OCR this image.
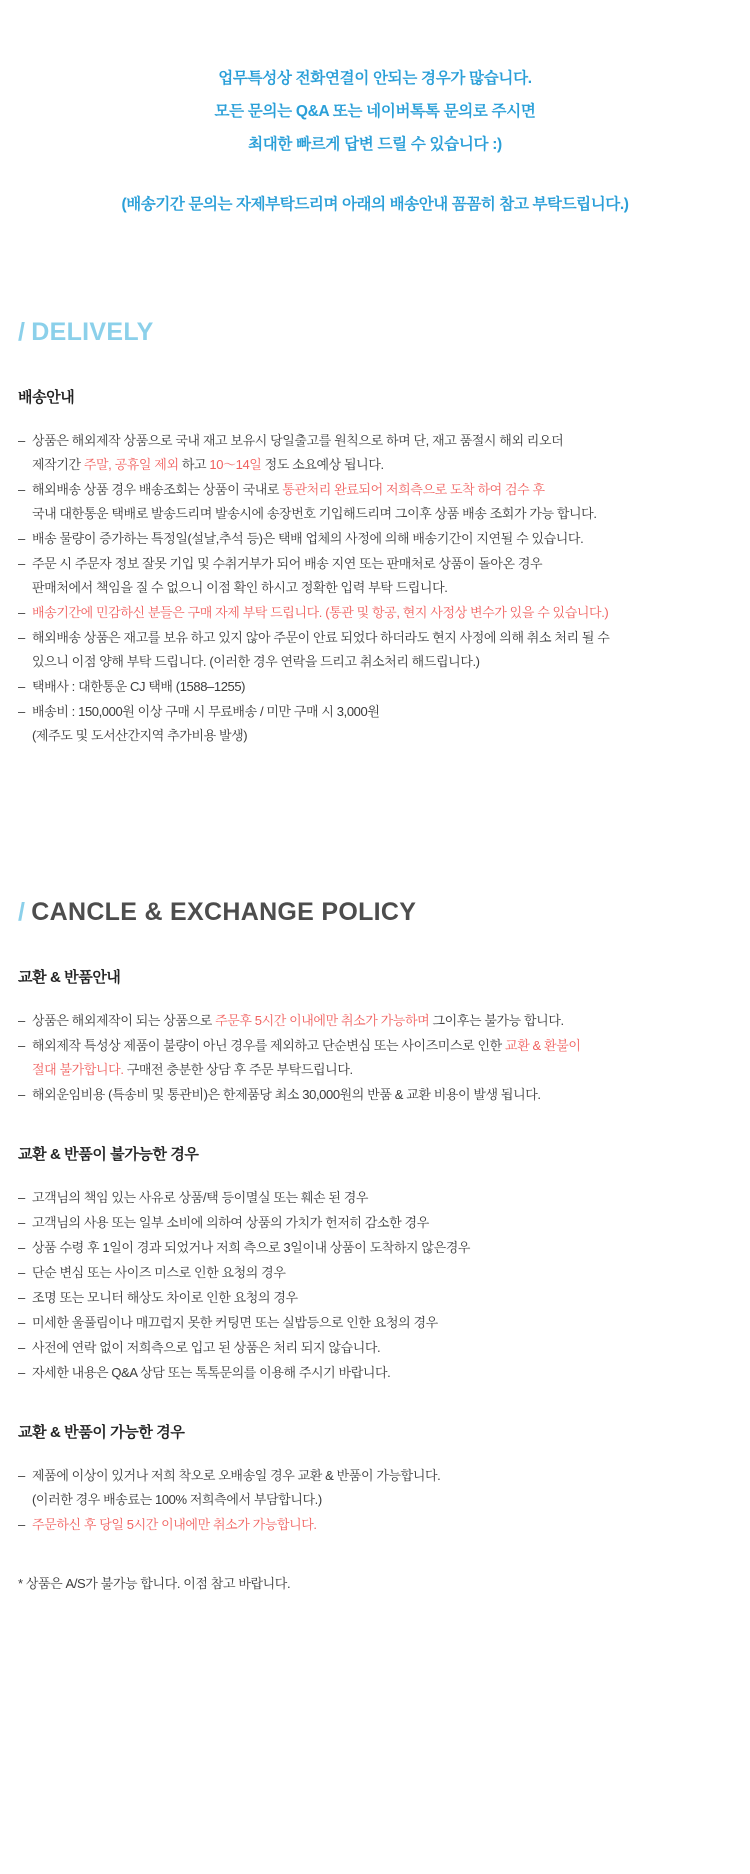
업무특성상 전화연결이 안되는 경우가 많습니다.
모든 문의는 Q&A 또는 네이버톡톡 문의로 주시면
최대한 빠르게 답변 드릴 수 있습니다 :)
(배송기간 문의는 자제부탁드리며 아래의 배송안내 꼼꼼히 참고 부탁드립니다.)
/ DELIVELY
배송안내
– 상품은 해외제작 상품으로 국내 재고 보유시 당일출고를 원칙으로 하며 단, 재고 품절시 해외 리오더
제작기간 주말, 공휴일 제외 하고 10〜14일 정도 소요예상 됩니다.
– 해외배송 상품 경우 배송조회는 상품이 국내로 통관처리 완료되어 저희측으로 도착 하여 검수 후
국내 대한통운 택배로 발송드리며 발송시에 송장번호 기입해드리며 그이후 상품 배송 조회가 가능 합니다.
– 배송 물량이 증가하는 특정일(설날,추석 등)은 택배 업체의 사정에 의해 배송기간이 지연될 수 있습니다.
– 주문 시 주문자 정보 잘못 기입 및 수취거부가 되어 배송 지연 또는 판매처로 상품이 돌아온 경우
판매처에서 책임을 질 수 없으니 이점 확인 하시고 정확한 입력 부탁 드립니다.
– 배송기간에 민감하신 분들은 구매 자제 부탁 드립니다. (통관 및 항공, 현지 사정상 변수가 있을 수 있습니다.)
– 해외배송 상품은 재고를 보유 하고 있지 않아 주문이 안료 되었다 하더라도 현지 사정에 의해 취소 처리 될 수
있으니 이점 양해 부탁 드립니다. (이러한 경우 연락을 드리고 취소처리 해드립니다.)
– 택배사 : 대한통운 CJ 택배 (1588–1255)
– 배송비 : 150,000원 이상 구매 시 무료배송 / 미만 구매 시 3,000원
(제주도 및 도서산간지역 추가비용 발생)
/ CANCLE & EXCHANGE POLICY
교환 & 반품안내
– 상품은 해외제작이 되는 상품으로 주문후 5시간 이내에만 취소가 가능하며 그이후는 불가능 합니다.
– 해외제작 특성상 제품이 불량이 아닌 경우를 제외하고 단순변심 또는 사이즈미스로 인한 교환 & 환불이
절대 불가합니다. 구매전 충분한 상담 후 주문 부탁드립니다.
– 해외운임비용 (특송비 및 통관비)은 한제품당 최소 30,000원의 반품 & 교환 비용이 발생 됩니다.
교환 & 반품이 불가능한 경우
– 고객님의 책임 있는 사유로 상품/택 등이멸실 또는 훼손 된 경우
– 고객님의 사용 또는 일부 소비에 의하여 상품의 가치가 헌저히 감소한 경우
– 상품 수령 후 1일이 경과 되었거나 저희 측으로 3일이내 상품이 도착하지 않은경우
– 단순 변심 또는 사이즈 미스로 인한 요청의 경우
– 조명 또는 모니터 해상도 차이로 인한 요청의 경우
– 미세한 울풀림이나 매끄럽지 못한 커팅면 또는 실밥등으로 인한 요청의 경우
– 사전에 연락 없이 저희측으로 입고 된 상품은 처리 되지 않습니다.
– 자세한 내용은 Q&A 상담 또는 톡톡문의를 이용해 주시기 바랍니다.
교환 & 반품이 가능한 경우
– 제품에 이상이 있거나 저희 착오로 오배송일 경우 교환 & 반품이 가능합니다.
(이러한 경우 배송료는 100% 저희측에서 부담합니다.)
– 주문하신 후 당일 5시간 이내에만 취소가 가능합니다.
* 상품은 A/S가 불가능 합니다. 이점 참고 바랍니다.
